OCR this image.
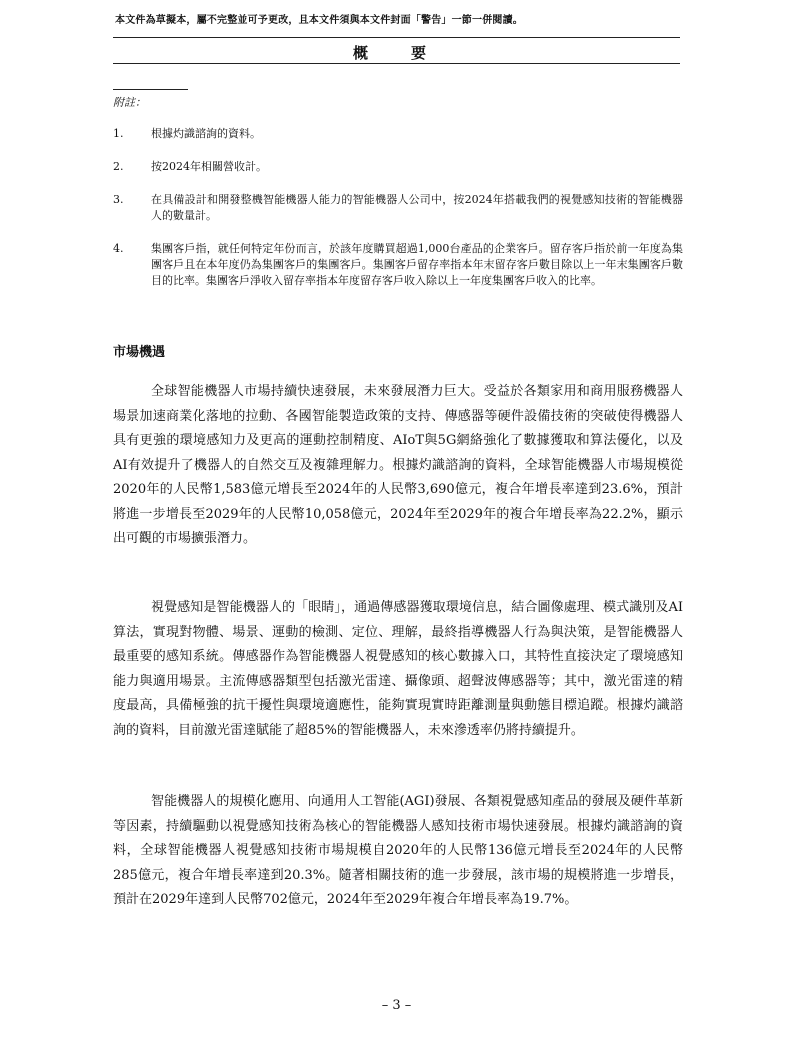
本文件為草擬本，屬不完整並可予更改，且本文件須與本文件封面「警告」一節一併閱讀。
概　要
附註：
1.	根據灼識諮詢的資料。
2.	按2024年相關營收計。
3.	在具備設計和開發整機智能機器人能力的智能機器人公司中，按2024年搭載我們的視覺感知技術的智能機器人的數量計。
4.	集團客戶指，就任何特定年份而言，於該年度購買超過1,000台產品的企業客戶。留存客戶指於前一年度為集團客戶且在本年度仍為集團客戶的集團客戶。集團客戶留存率指本年末留存客戶數目除以上一年末集團客戶數目的比率。集團客戶淨收入留存率指本年度留存客戶收入除以上一年度集團客戶收入的比率。
市場機遇
全球智能機器人市場持續快速發展，未來發展潛力巨大。受益於各類家用和商用服務機器人場景加速商業化落地的拉動、各國智能製造政策的支持、傳感器等硬件設備技術的突破使得機器人具有更強的環境感知力及更高的運動控制精度、AIoT與5G網絡強化了數據獲取和算法優化，以及AI有效提升了機器人的自然交互及複雜理解力。根據灼識諮詢的資料，全球智能機器人市場規模從2020年的人民幣1,583億元增長至2024年的人民幣3,690億元，複合年增長率達到23.6%，預計將進一步增長至2029年的人民幣10,058億元，2024年至2029年的複合年增長率為22.2%，顯示出可觀的市場擴張潛力。
視覺感知是智能機器人的「眼睛」，通過傳感器獲取環境信息，結合圖像處理、模式識別及AI算法，實現對物體、場景、運動的檢測、定位、理解，最終指導機器人行為與決策，是智能機器人最重要的感知系統。傳感器作為智能機器人視覺感知的核心數據入口，其特性直接決定了環境感知能力與適用場景。主流傳感器類型包括激光雷達、攝像頭、超聲波傳感器等；其中，激光雷達的精度最高，具備極強的抗干擾性與環境適應性，能夠實現實時距離測量與動態目標追蹤。根據灼識諮詢的資料，目前激光雷達賦能了超85%的智能機器人，未來滲透率仍將持續提升。
智能機器人的規模化應用、向通用人工智能(AGI)發展、各類視覺感知產品的發展及硬件革新等因素，持續驅動以視覺感知技術為核心的智能機器人感知技術市場快速發展。根據灼識諮詢的資料，全球智能機器人視覺感知技術市場規模自2020年的人民幣136億元增長至2024年的人民幣285億元，複合年增長率達到20.3%。隨著相關技術的進一步發展，該市場的規模將進一步增長，預計在2029年達到人民幣702億元，2024年至2029年複合年增長率為19.7%。
– 3 –
